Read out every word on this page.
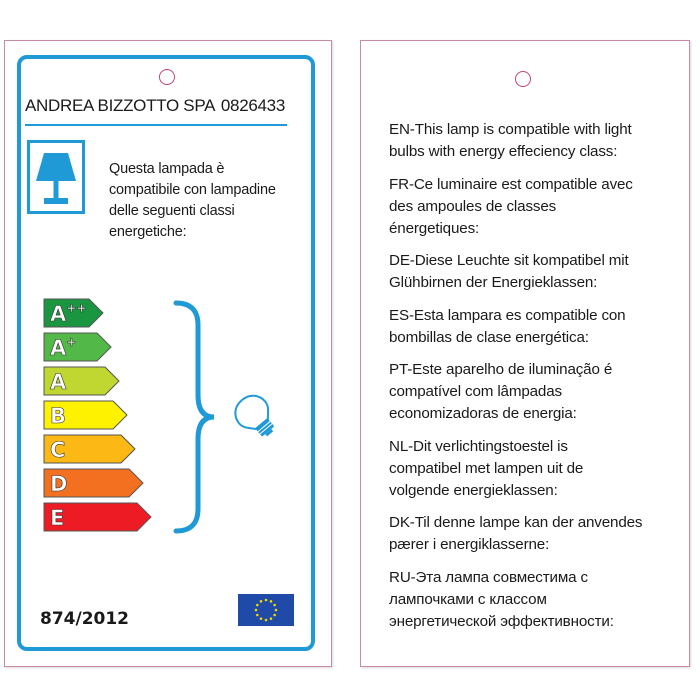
ANDREA BIZZOTTO SPA 0826433
Questa lampada è compatibile con lampadine delle seguenti classi energetiche:
A++
A+
A
B
C
D
E
874/2012
EN-This lamp is compatible with light
bulbs with energy effeciency class:
FR-Ce luminaire est compatible avec
des ampoules de classes
énergetiques:
DE-Diese Leuchte sit kompatibel mit
Glühbirnen der Energieklassen:
ES-Esta lampara es compatible con
bombillas de clase energética:
PT-Este aparelho de iluminação é
compatível com lâmpadas
economizadoras de energia:
NL-Dit verlichtingstoestel is
compatibel met lampen uit de
volgende energieklassen:
DK-Til denne lampe kan der anvendes
pærer i energiklasserne:
RU-Эта лампа совместима с
лампочками с классом
энергетической эффективности:
